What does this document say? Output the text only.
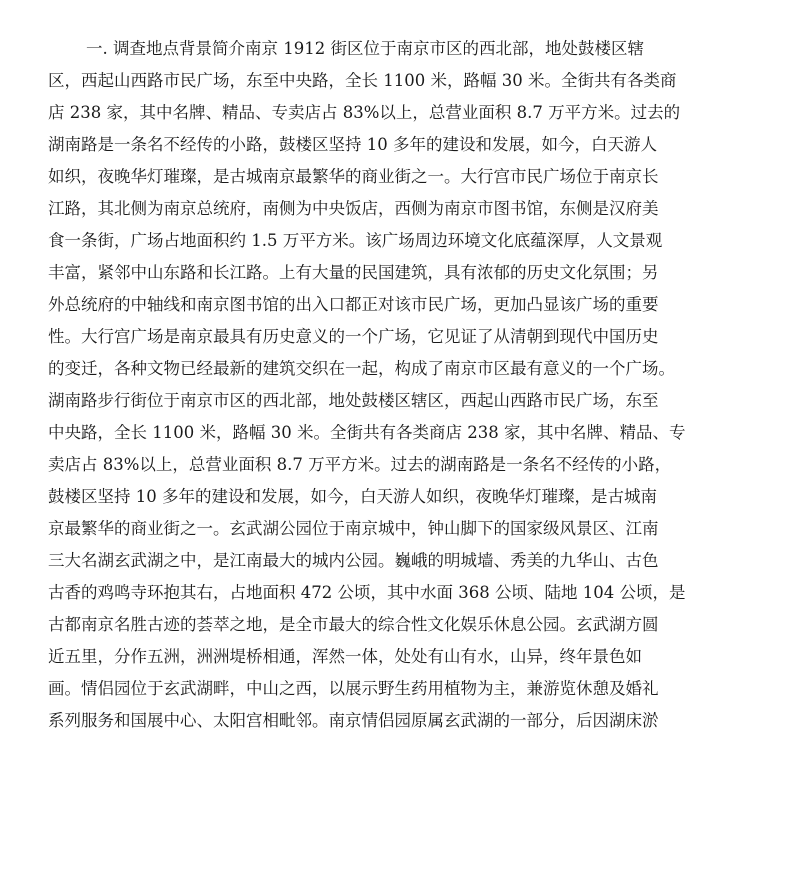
一. 调查地点背景简介南京 1912 街区位于南京市区的西北部，地处鼓楼区辖
区，西起山西路市民广场，东至中央路，全长 1100 米，路幅 30 米。全街共有各类商
店 238 家，其中名牌、精品、专卖店占 83%以上，总营业面积 8.7 万平方米。过去的
湖南路是一条名不经传的小路，鼓楼区坚持 10 多年的建设和发展，如今，白天游人
如织，夜晚华灯璀璨，是古城南京最繁华的商业街之一。大行宫市民广场位于南京长
江路，其北侧为南京总统府，南侧为中央饭店，西侧为南京市图书馆，东侧是汉府美
食一条街，广场占地面积约 1.5 万平方米。该广场周边环境文化底蕴深厚，人文景观
丰富，紧邻中山东路和长江路。上有大量的民国建筑，具有浓郁的历史文化氛围；另
外总统府的中轴线和南京图书馆的出入口都正对该市民广场，更加凸显该广场的重要
性。大行宫广场是南京最具有历史意义的一个广场，它见证了从清朝到现代中国历史
的变迁，各种文物已经最新的建筑交织在一起，构成了南京市区最有意义的一个广场。
湖南路步行街位于南京市区的西北部，地处鼓楼区辖区，西起山西路市民广场，东至
中央路，全长 1100 米，路幅 30 米。全街共有各类商店 238 家，其中名牌、精品、专
卖店占 83%以上，总营业面积 8.7 万平方米。过去的湖南路是一条名不经传的小路，
鼓楼区坚持 10 多年的建设和发展，如今，白天游人如织，夜晚华灯璀璨，是古城南
京最繁华的商业街之一。玄武湖公园位于南京城中，钟山脚下的国家级风景区、江南
三大名湖玄武湖之中，是江南最大的城内公园。巍峨的明城墙、秀美的九华山、古色
古香的鸡鸣寺环抱其右，占地面积 472 公顷，其中水面 368 公顷、陆地 104 公顷，是
古都南京名胜古迹的荟萃之地，是全市最大的综合性文化娱乐休息公园。玄武湖方圆
近五里，分作五洲，洲洲堤桥相通，浑然一体，处处有山有水，山异，终年景色如
画。情侣园位于玄武湖畔，中山之西，以展示野生药用植物为主，兼游览休憩及婚礼
系列服务和国展中心、太阳宫相毗邻。南京情侣园原属玄武湖的一部分，后因湖床淤
